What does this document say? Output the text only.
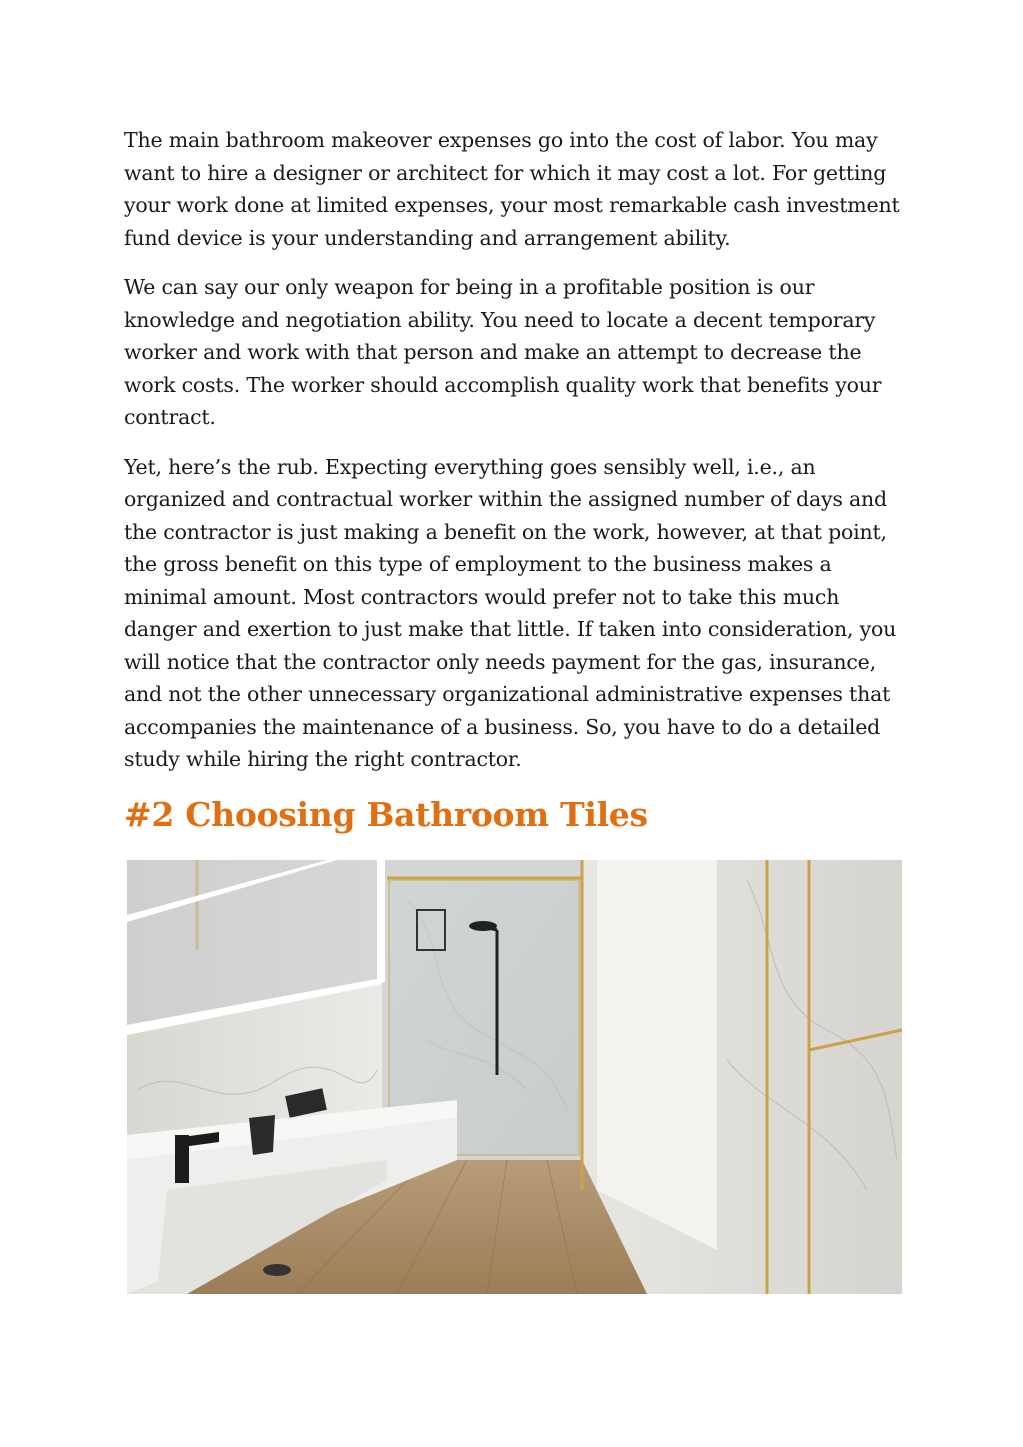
The main bathroom makeover expenses go into the cost of labor. You may want to hire a designer or architect for which it may cost a lot. For getting your work done at limited expenses, your most remarkable cash investment fund device is your understanding and arrangement ability.

We can say our only weapon for being in a profitable position is our knowledge and negotiation ability. You need to locate a decent temporary worker and work with that person and make an attempt to decrease the work costs. The worker should accomplish quality work that benefits your contract.

Yet, here’s the rub. Expecting everything goes sensibly well, i.e., an organized and contractual worker within the assigned number of days and the contractor is just making a benefit on the work, however, at that point, the gross benefit on this type of employment to the business makes a minimal amount. Most contractors would prefer not to take this much danger and exertion to just make that little. If taken into consideration, you will notice that the contractor only needs payment for the gas, insurance, and not the other unnecessary organizational administrative expenses that accompanies the maintenance of a business. So, you have to do a detailed study while hiring the right contractor.

#2 Choosing Bathroom Tiles
